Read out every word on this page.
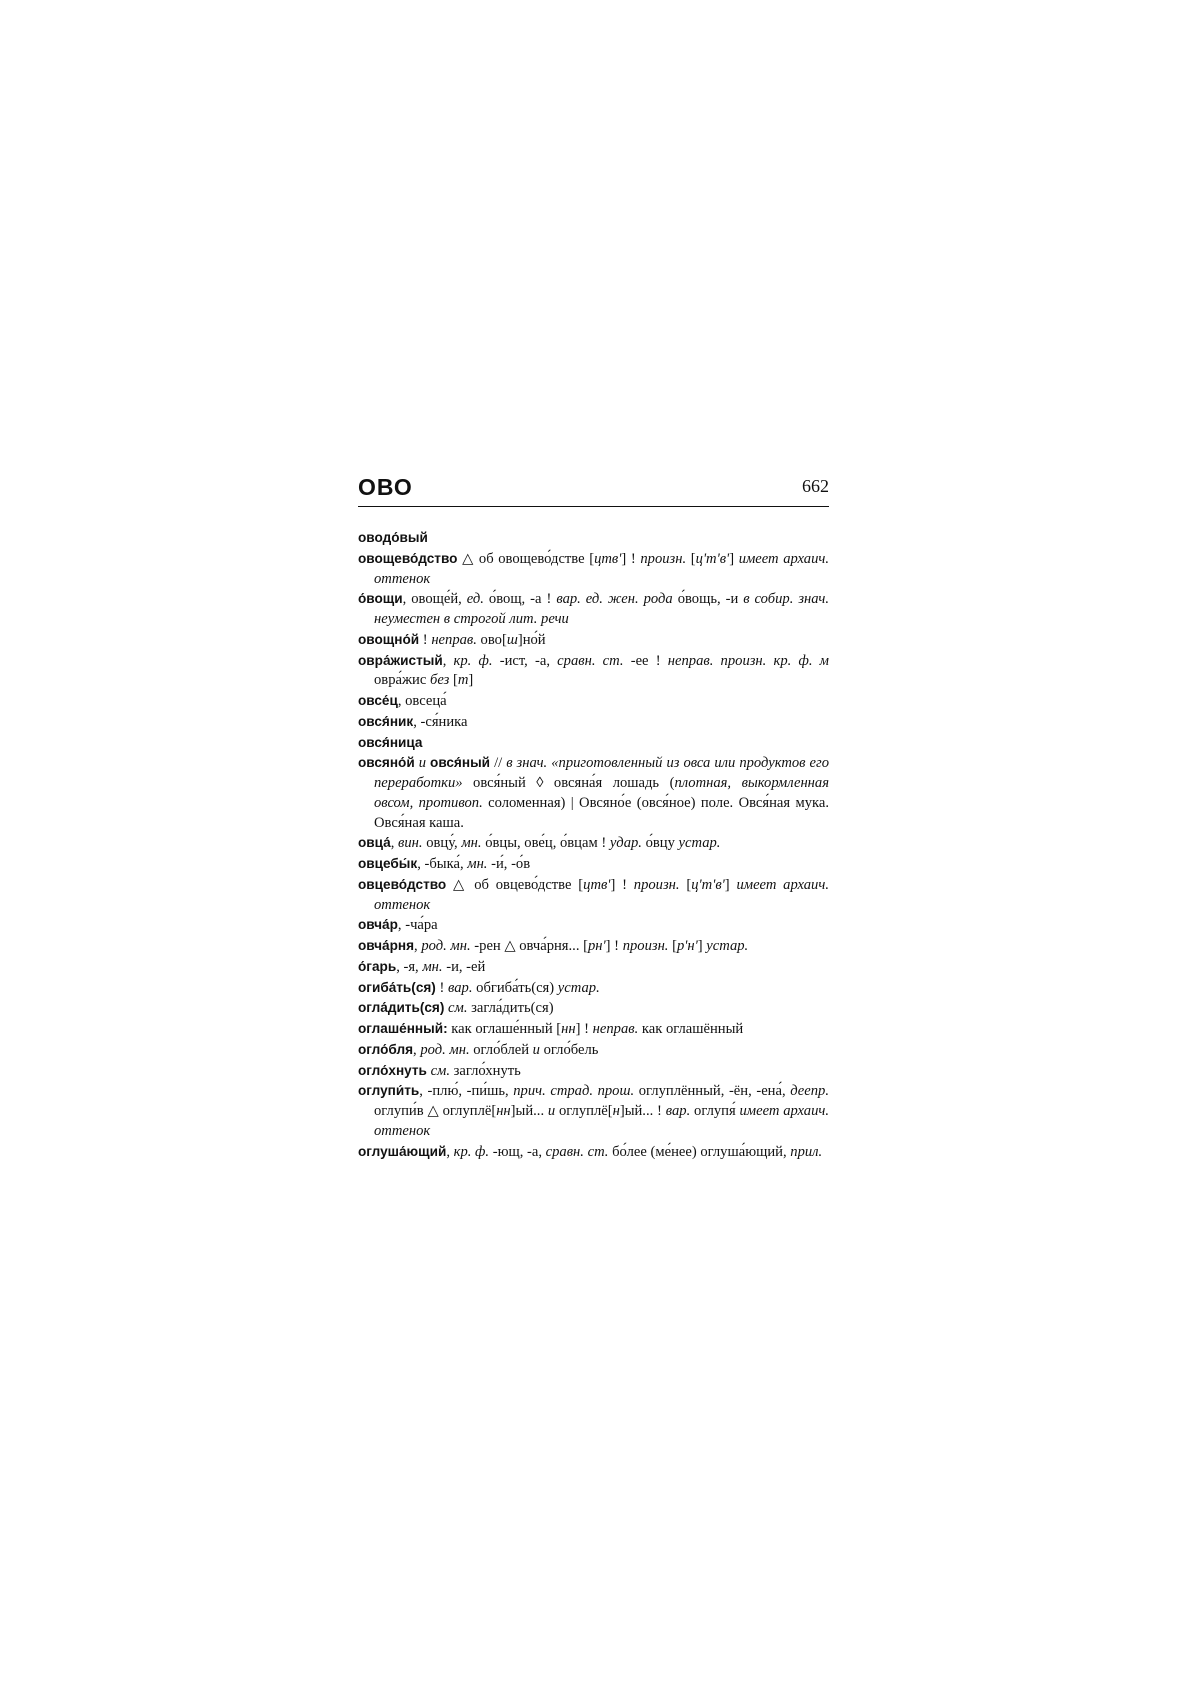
ОВО	662

оводо́вый

овощево́дство △ об овощево́дстве [цтв'] ! произн. [ц'т'в'] имеет архаич. оттенок

о́вощи, овоще́й, ед. о́вощ, -а ! вар. ед. жен. рода о́вощь, -и в собир. знач. неуместен в строгой лит. речи

овощно́й ! неправ. ово[ш]но́й

овра́жистый, кр. ф. -ист, -а, сравн. ст. -ее ! неправ. произн. кр. ф. м овра́жис без [т]

овсе́ц, овсеца́

овся́ник, -ся́ника

овся́ница

овсяно́й и овся́ный // в знач. «приготовленный из овса или продуктов его переработки» овся́ный ◊ овсяна́я лошадь (плотная, выкормленная овсом, противоп. соломенная) | Овсяно́е (овся́ное) поле. Овся́ная мука. Овся́ная каша.

овца́, вин. овцу́, мн. о́вцы, ове́ц, о́вцам ! удар. о́вцу устар.

овцебы́к, -быка́, мн. -и́, -о́в

овцево́дство △ об овцево́дстве [цтв'] ! произн. [ц'т'в'] имеет архаич. оттенок

овча́р, -ча́ра

овча́рня, род. мн. -рен △ овча́рня... [рн'] ! произн. [р'н'] устар.

о́гарь, -я, мн. -и, -ей

огиба́ть(ся) ! вар. обгиба́ть(ся) устар.

огла́дить(ся) см. загла́дить(ся)

оглаше́нный: как оглаше́нный [нн] ! неправ. как оглашённый

огло́бля, род. мн. огло́блей и огло́бель

огло́хнуть см. загло́хнуть

оглупи́ть, -плю́, -пи́шь, прич. страд. прош. оглуплённый, -ён, -ена́, деепр. оглупи́в △ оглуплё[нн]ый... и оглуплё[н]ый... ! вар. оглупя́ имеет архаич. оттенок

оглуша́ющий, кр. ф. -ющ, -а, сравн. ст. бо́лее (ме́нее) оглуша́ющий, прил.
